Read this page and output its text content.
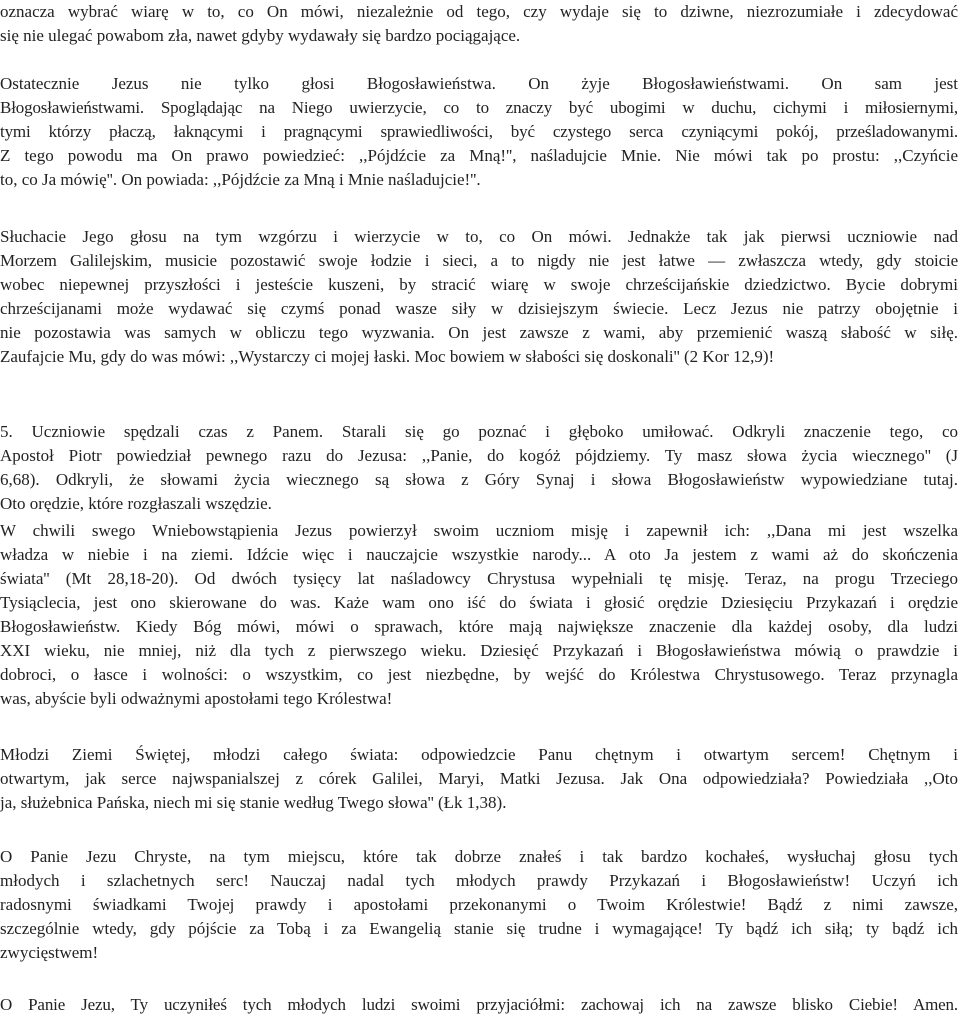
oznacza wybrać wiarę w to, co On mówi, niezależnie od tego, czy wydaje się to dziwne, niezrozumiałe i zdecydować
się nie ulegać powabom zła, nawet gdyby wydawały się bardzo pociągające.
Ostatecznie Jezus nie tylko głosi Błogosławieństwa. On żyje Błogosławieństwami. On sam jest
Błogosławieństwami. Spoglądając na Niego uwierzycie, co to znaczy być ubogimi w duchu, cichymi i miłosiernymi,
tymi którzy płaczą, łaknącymi i pragnącymi sprawiedliwości, być czystego serca czyniącymi pokój, prześladowanymi.
Z tego powodu ma On prawo powiedzieć: ,,Pójdźcie za Mną!'', naśladujcie Mnie. Nie mówi tak po prostu: ,,Czyńcie
to, co Ja mówię''. On powiada: ,,Pójdźcie za Mną i Mnie naśladujcie!''.
Słuchacie Jego głosu na tym wzgórzu i wierzycie w to, co On mówi. Jednakże tak jak pierwsi uczniowie nad
Morzem Galilejskim, musicie pozostawić swoje łodzie i sieci, a to nigdy nie jest łatwe — zwłaszcza wtedy, gdy stoicie
wobec niepewnej przyszłości i jesteście kuszeni, by stracić wiarę w swoje chrześcijańskie dziedzictwo. Bycie dobrymi
chrześcijanami może wydawać się czymś ponad wasze siły w dzisiejszym świecie. Lecz Jezus nie patrzy obojętnie i
nie pozostawia was samych w obliczu tego wyzwania. On jest zawsze z wami, aby przemienić waszą słabość w siłę.
Zaufajcie Mu, gdy do was mówi: ,,Wystarczy ci mojej łaski. Moc bowiem w słabości się doskonali'' (2 Kor 12,9)!
5. Uczniowie spędzali czas z Panem. Starali się go poznać i głęboko umiłować. Odkryli znaczenie tego, co
Apostoł Piotr powiedział pewnego razu do Jezusa: ,,Panie, do kogóż pójdziemy. Ty masz słowa życia wiecznego'' (J
6,68). Odkryli, że słowami życia wiecznego są słowa z Góry Synaj i słowa Błogosławieństw wypowiedziane tutaj.
Oto orędzie, które rozgłaszali wszędzie.
W chwili swego Wniebowstąpienia Jezus powierzył swoim uczniom misję i zapewnił ich: ,,Dana mi jest wszelka
władza w niebie i na ziemi. Idźcie więc i nauczajcie wszystkie narody... A oto Ja jestem z wami aż do skończenia
świata'' (Mt 28,18-20). Od dwóch tysięcy lat naśladowcy Chrystusa wypełniali tę misję. Teraz, na progu Trzeciego
Tysiąclecia, jest ono skierowane do was. Każe wam ono iść do świata i głosić orędzie Dziesięciu Przykazań i orędzie
Błogosławieństw. Kiedy Bóg mówi, mówi o sprawach, które mają największe znaczenie dla każdej osoby, dla ludzi
XXI wieku, nie mniej, niż dla tych z pierwszego wieku. Dziesięć Przykazań i Błogosławieństwa mówią o prawdzie i
dobroci, o łasce i wolności: o wszystkim, co jest niezbędne, by wejść do Królestwa Chrystusowego. Teraz przynagla
was, abyście byli odważnymi apostołami tego Królestwa!
Młodzi Ziemi Świętej, młodzi całego świata: odpowiedzcie Panu chętnym i otwartym sercem! Chętnym i
otwartym, jak serce najwspanialszej z córek Galilei, Maryi, Matki Jezusa. Jak Ona odpowiedziała? Powiedziała ,,Oto
ja, służebnica Pańska, niech mi się stanie według Twego słowa'' (Łk 1,38).
O Panie Jezu Chryste, na tym miejscu, które tak dobrze znałeś i tak bardzo kochałeś, wysłuchaj głosu tych
młodych i szlachetnych serc! Nauczaj nadal tych młodych prawdy Przykazań i Błogosławieństw! Uczyń ich
radosnymi świadkami Twojej prawdy i apostołami przekonanymi o Twoim Królestwie! Bądź z nimi zawsze,
szczególnie wtedy, gdy pójście za Tobą i za Ewangelią stanie się trudne i wymagające! Ty bądź ich siłą; ty bądź ich
zwycięstwem!
O Panie Jezu, Ty uczyniłeś tych młodych ludzi swoimi przyjaciółmi: zachowaj ich na zawsze blisko Ciebie! Amen.
